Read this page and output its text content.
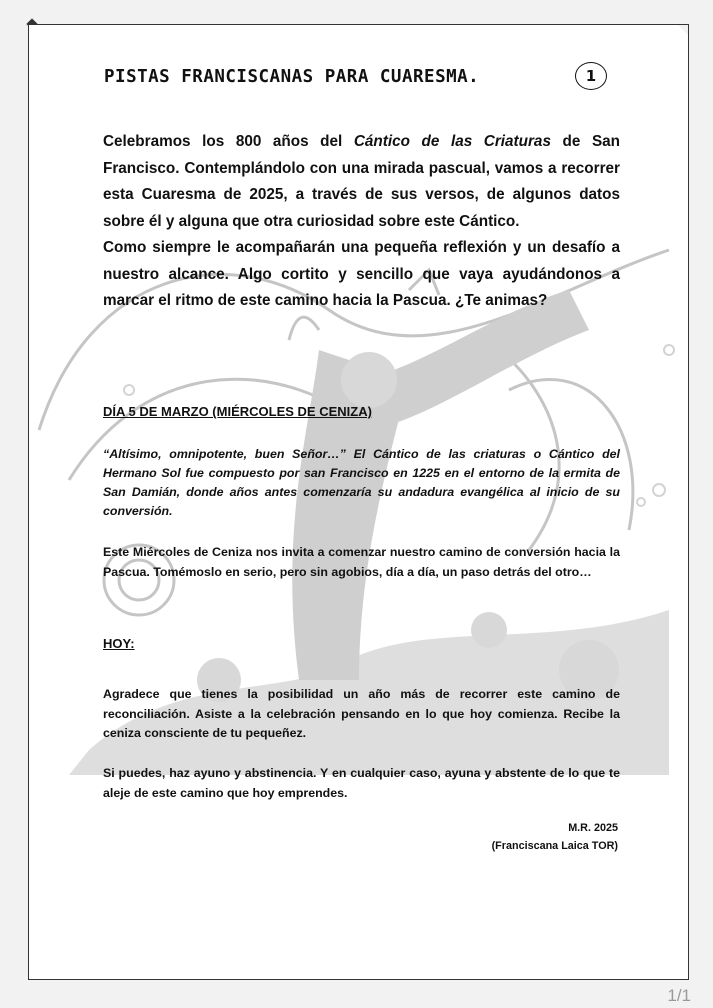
PISTAS FRANCISCANAS PARA CUARESMA.	1

Celebramos los 800 años del Cántico de las Criaturas de San Francisco. Contemplándolo con una mirada pascual, vamos a recorrer esta Cuaresma de 2025, a través de sus versos, de algunos datos sobre él y alguna que otra curiosidad sobre este Cántico.

Como siempre le acompañarán una pequeña reflexión y un desafío a nuestro alcance. Algo cortito y sencillo que vaya ayudándonos a marcar el ritmo de este camino hacia la Pascua. ¿Te animas?

DÍA 5 DE MARZO (MIÉRCOLES DE CENIZA)

“Altísimo, omnipotente, buen Señor…” El Cántico de las criaturas o Cántico del Hermano Sol fue compuesto por san Francisco en 1225 en el entorno de la ermita de San Damián, donde años antes comenzaría su andadura evangélica al inicio de su conversión.

Este Miércoles de Ceniza nos invita a comenzar nuestro camino de conversión hacia la Pascua. Tomémoslo en serio, pero sin agobios, día a día, un paso detrás del otro…

HOY:

Agradece que tienes la posibilidad un año más de recorrer este camino de reconciliación. Asiste a la celebración pensando en lo que hoy comienza. Recibe la ceniza consciente de tu pequeñez.

Si puedes, haz ayuno y abstinencia. Y en cualquier caso, ayuna y abstente de lo que te aleje de este camino que hoy emprendes.

M.R. 2025

(Franciscana Laica TOR)

1/1
